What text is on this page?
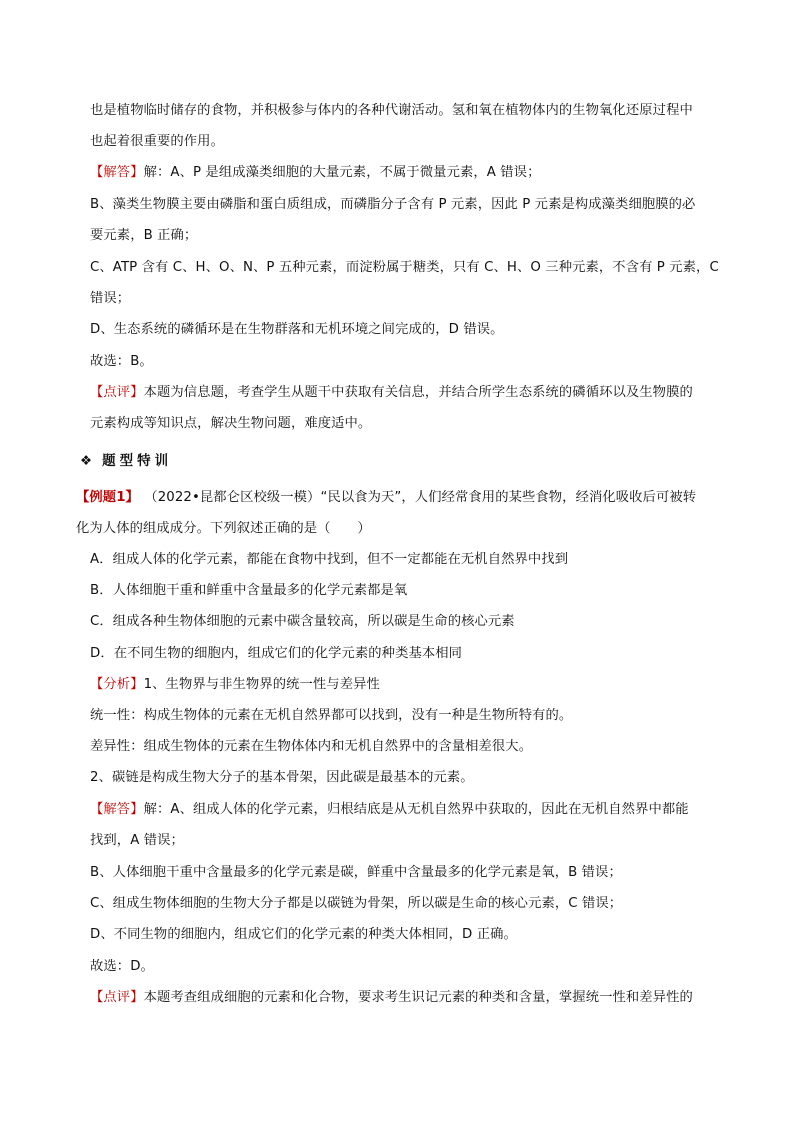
也是植物临时储存的食物，并积极参与体内的各种代谢活动。氢和氧在植物体内的生物氧化还原过程中
也起着很重要的作用。
【解答】解：A、P 是组成藻类细胞的大量元素，不属于微量元素，A 错误；
B、藻类生物膜主要由磷脂和蛋白质组成，而磷脂分子含有 P 元素，因此 P 元素是构成藻类细胞膜的必
要元素，B 正确；
C、ATP 含有 C、H、O、N、P 五种元素，而淀粉属于糖类，只有 C、H、O 三种元素，不含有 P 元素，C
错误；
D、生态系统的磷循环是在生物群落和无机环境之间完成的，D 错误。
故选：B。
【点评】本题为信息题，考查学生从题干中获取有关信息，并结合所学生态系统的磷循环以及生物膜的
元素构成等知识点，解决生物问题，难度适中。
❖ 题型特训
【例题1】 （2022•昆都仑区校级一模）“民以食为天”，人们经常食用的某些食物，经消化吸收后可被转
化为人体的组成成分。下列叙述正确的是（　　）
A．组成人体的化学元素，都能在食物中找到，但不一定都能在无机自然界中找到
B．人体细胞干重和鲜重中含量最多的化学元素都是氧
C．组成各种生物体细胞的元素中碳含量较高，所以碳是生命的核心元素
D．在不同生物的细胞内，组成它们的化学元素的种类基本相同
【分析】1、生物界与非生物界的统一性与差异性
统一性：构成生物体的元素在无机自然界都可以找到，没有一种是生物所特有的。
差异性：组成生物体的元素在生物体体内和无机自然界中的含量相差很大。
2、碳链是构成生物大分子的基本骨架，因此碳是最基本的元素。
【解答】解：A、组成人体的化学元素，归根结底是从无机自然界中获取的，因此在无机自然界中都能
找到，A 错误；
B、人体细胞干重中含量最多的化学元素是碳，鲜重中含量最多的化学元素是氧，B 错误；
C、组成生物体细胞的生物大分子都是以碳链为骨架，所以碳是生命的核心元素，C 错误；
D、不同生物的细胞内，组成它们的化学元素的种类大体相同，D 正确。
故选：D。
【点评】本题考查组成细胞的元素和化合物，要求考生识记元素的种类和含量，掌握统一性和差异性的
